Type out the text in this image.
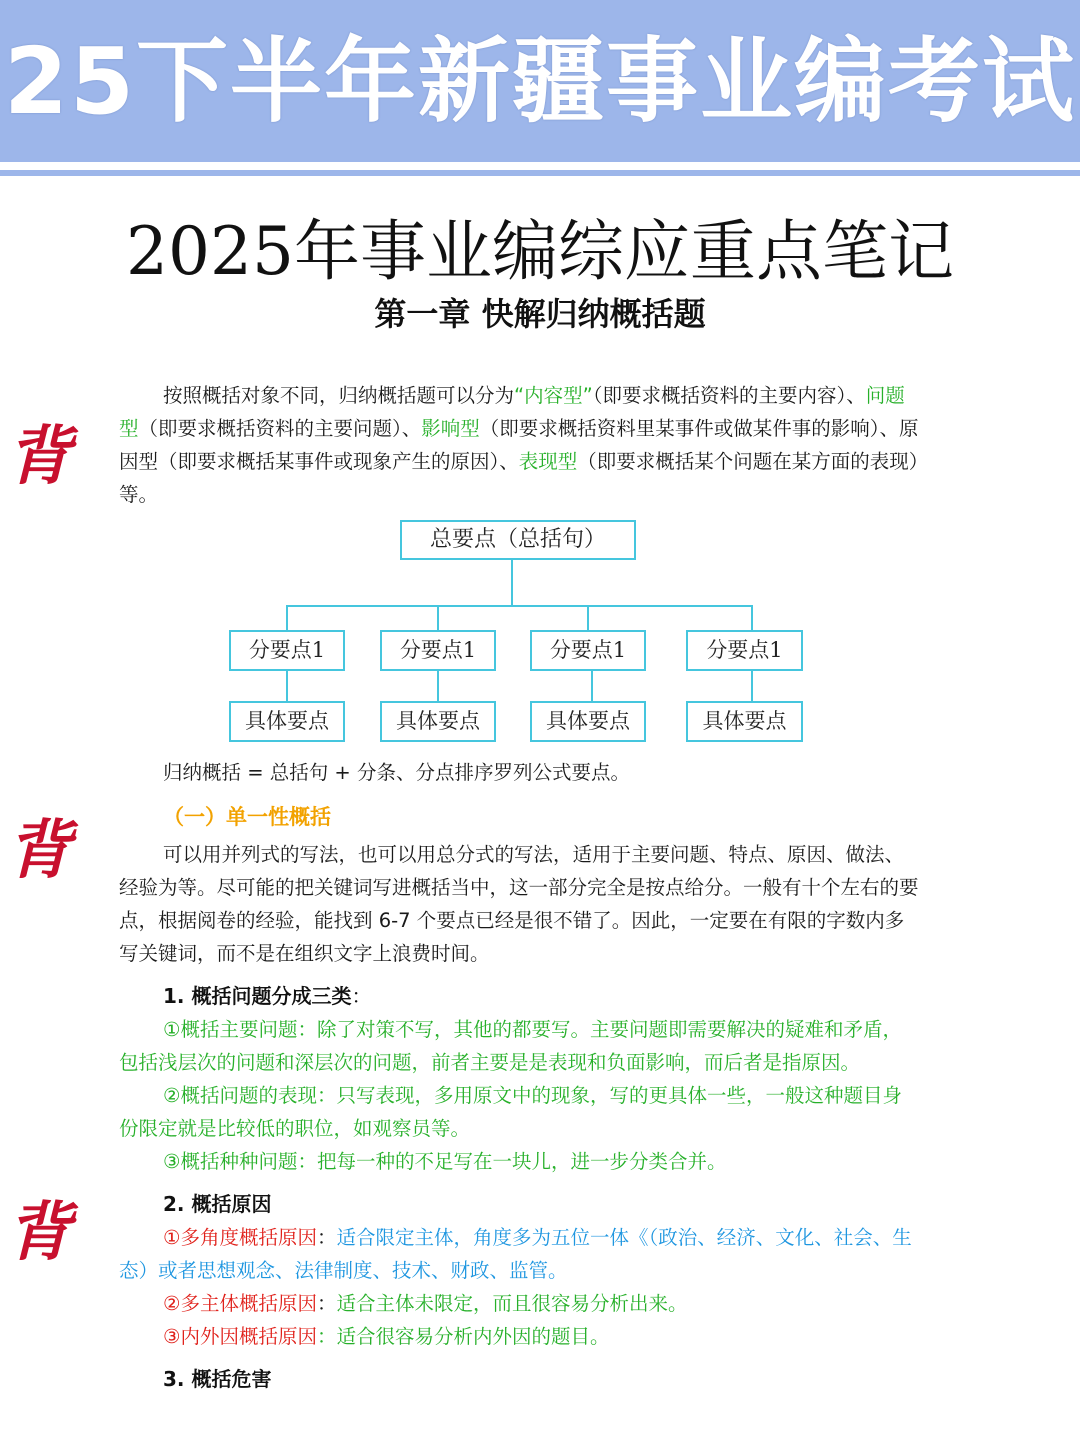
25下半年新疆事业编考试
2025年事业编综应重点笔记
第一章 快解归纳概括题
背
背
背
按照概括对象不同，归纳概括题可以分为“内容型”（即要求概括资料的主要内容）、问题型（即要求概括资料的主要问题）、影响型（即要求概括资料里某事件或做某件事的影响）、原因型（即要求概括某事件或现象产生的原因）、表现型（即要求概括某个问题在某方面的表现）等。
总要点（总括句）
分要点1	分要点1	分要点1	分要点1
具体要点	具体要点	具体要点	具体要点
归纳概括 = 总括句 + 分条、分点排序罗列公式要点。
（一）单一性概括
可以用并列式的写法，也可以用总分式的写法，适用于主要问题、特点、原因、做法、经验为等。尽可能的把关键词写进概括当中，这一部分完全是按点给分。一般有十个左右的要点，根据阅卷的经验，能找到 6-7 个要点已经是很不错了。因此，一定要在有限的字数内多写关键词，而不是在组织文字上浪费时间。
1. 概括问题分成三类：
①概括主要问题：除了对策不写，其他的都要写。主要问题即需要解决的疑难和矛盾，包括浅层次的问题和深层次的问题，前者主要是是表现和负面影响，而后者是指原因。
②概括问题的表现：只写表现，多用原文中的现象，写的更具体一些，一般这种题目身份限定就是比较低的职位，如观察员等。
③概括种种问题：把每一种的不足写在一块儿，进一步分类合并。
2. 概括原因
①多角度概括原因：适合限定主体，角度多为五位一体《（政治、经济、文化、社会、生态）或者思想观念、法律制度、技术、财政、监管。
②多主体概括原因：适合主体未限定，而且很容易分析出来。
③内外因概括原因：适合很容易分析内外因的题目。
3. 概括危害
